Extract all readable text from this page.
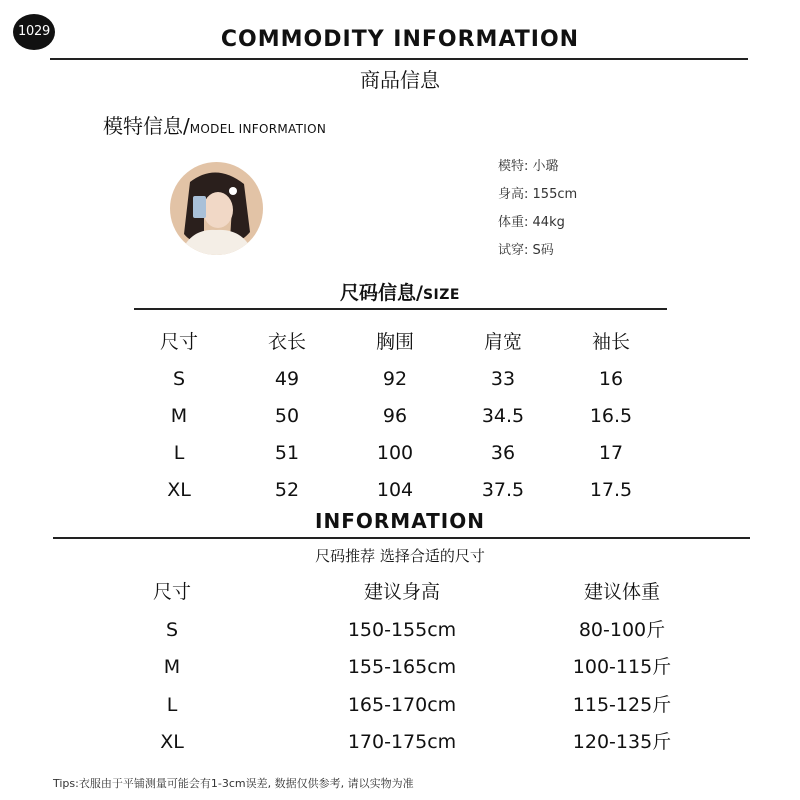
1029	COMMODITY INFORMATION
商品信息
模特信息/MODEL INFORMATION
模特: 小璐
身高: 155cm
体重: 44kg
试穿: S码
尺码信息/SIZE
尺寸	衣长	胸围	肩宽	袖长
S	49	92	33	16
M	50	96	34.5	16.5
L	51	100	36	17
XL	52	104	37.5	17.5
INFORMATION
尺码推荐 选择合适的尺寸
尺寸	建议身高	建议体重
S	150-155cm	80-100斤
M	155-165cm	100-115斤
L	165-170cm	115-125斤
XL	170-175cm	120-135斤
Tips:衣服由于平铺测量可能会有1-3cm误差, 数据仅供参考, 请以实物为准
